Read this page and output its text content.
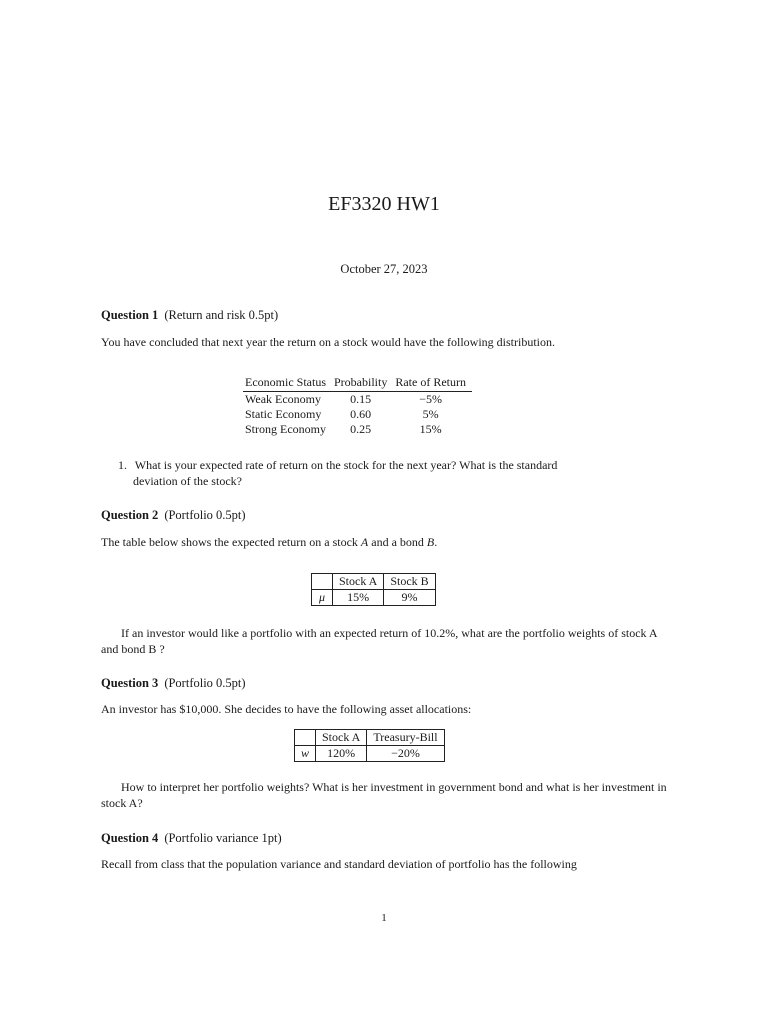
EF3320 HW1
October 27, 2023
Question 1 (Return and risk 0.5pt)
You have concluded that next year the return on a stock would have the following distribution.
Economic Status	Probability	Rate of Return
Weak Economy	0.15	−5%
Static Economy	0.60	5%
Strong Economy	0.25	15%
1. What is your expected rate of return on the stock for the next year? What is the standard
deviation of the stock?
Question 2 (Portfolio 0.5pt)
The table below shows the expected return on a stock A and a bond B.
	Stock A	Stock B
μ	15%	9%
If an investor would like a portfolio with an expected return of 10.2%, what are the portfolio weights of stock A and bond B ?
Question 3 (Portfolio 0.5pt)
An investor has $10,000. She decides to have the following asset allocations:
	Stock A	Treasury-Bill
w	120%	−20%
How to interpret her portfolio weights? What is her investment in government bond and what is her investment in stock A?
Question 4 (Portfolio variance 1pt)
Recall from class that the population variance and standard deviation of portfolio has the following
1
